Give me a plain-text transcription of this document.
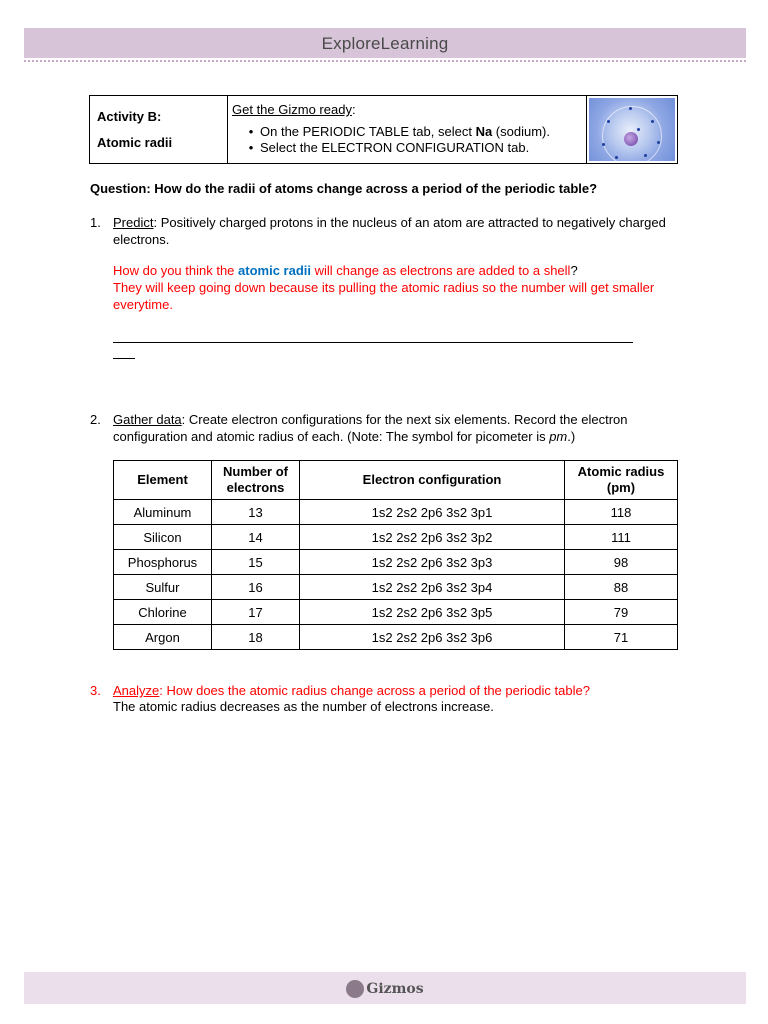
ExploreLearning
Activity B:
Atomic radii

Get the Gizmo ready:
• On the PERIODIC TABLE tab, select Na (sodium).
• Select the ELECTRON CONFIGURATION tab.

Question: How do the radii of atoms change across a period of the periodic table?
1. Predict: Positively charged protons in the nucleus of an atom are attracted to negatively charged electrons.
How do you think the atomic radii will change as electrons are added to a shell?
They will keep going down because its pulling the atomic radius so the number will get smaller everytime.
2. Gather data: Create electron configurations for the next six elements. Record the electron configuration and atomic radius of each. (Note: The symbol for picometer is pm.)
Element	Number of electrons	Electron configuration	Atomic radius (pm)
Aluminum	13	1s2 2s2 2p6 3s2 3p1	118
Silicon	14	1s2 2s2 2p6 3s2 3p2	111
Phosphorus	15	1s2 2s2 2p6 3s2 3p3	98
Sulfur	16	1s2 2s2 2p6 3s2 3p4	88
Chlorine	17	1s2 2s2 2p6 3s2 3p5	79
Argon	18	1s2 2s2 2p6 3s2 3p6	71
3. Analyze: How does the atomic radius change across a period of the periodic table?
The atomic radius decreases as the number of electrons increase.
Gizmos
